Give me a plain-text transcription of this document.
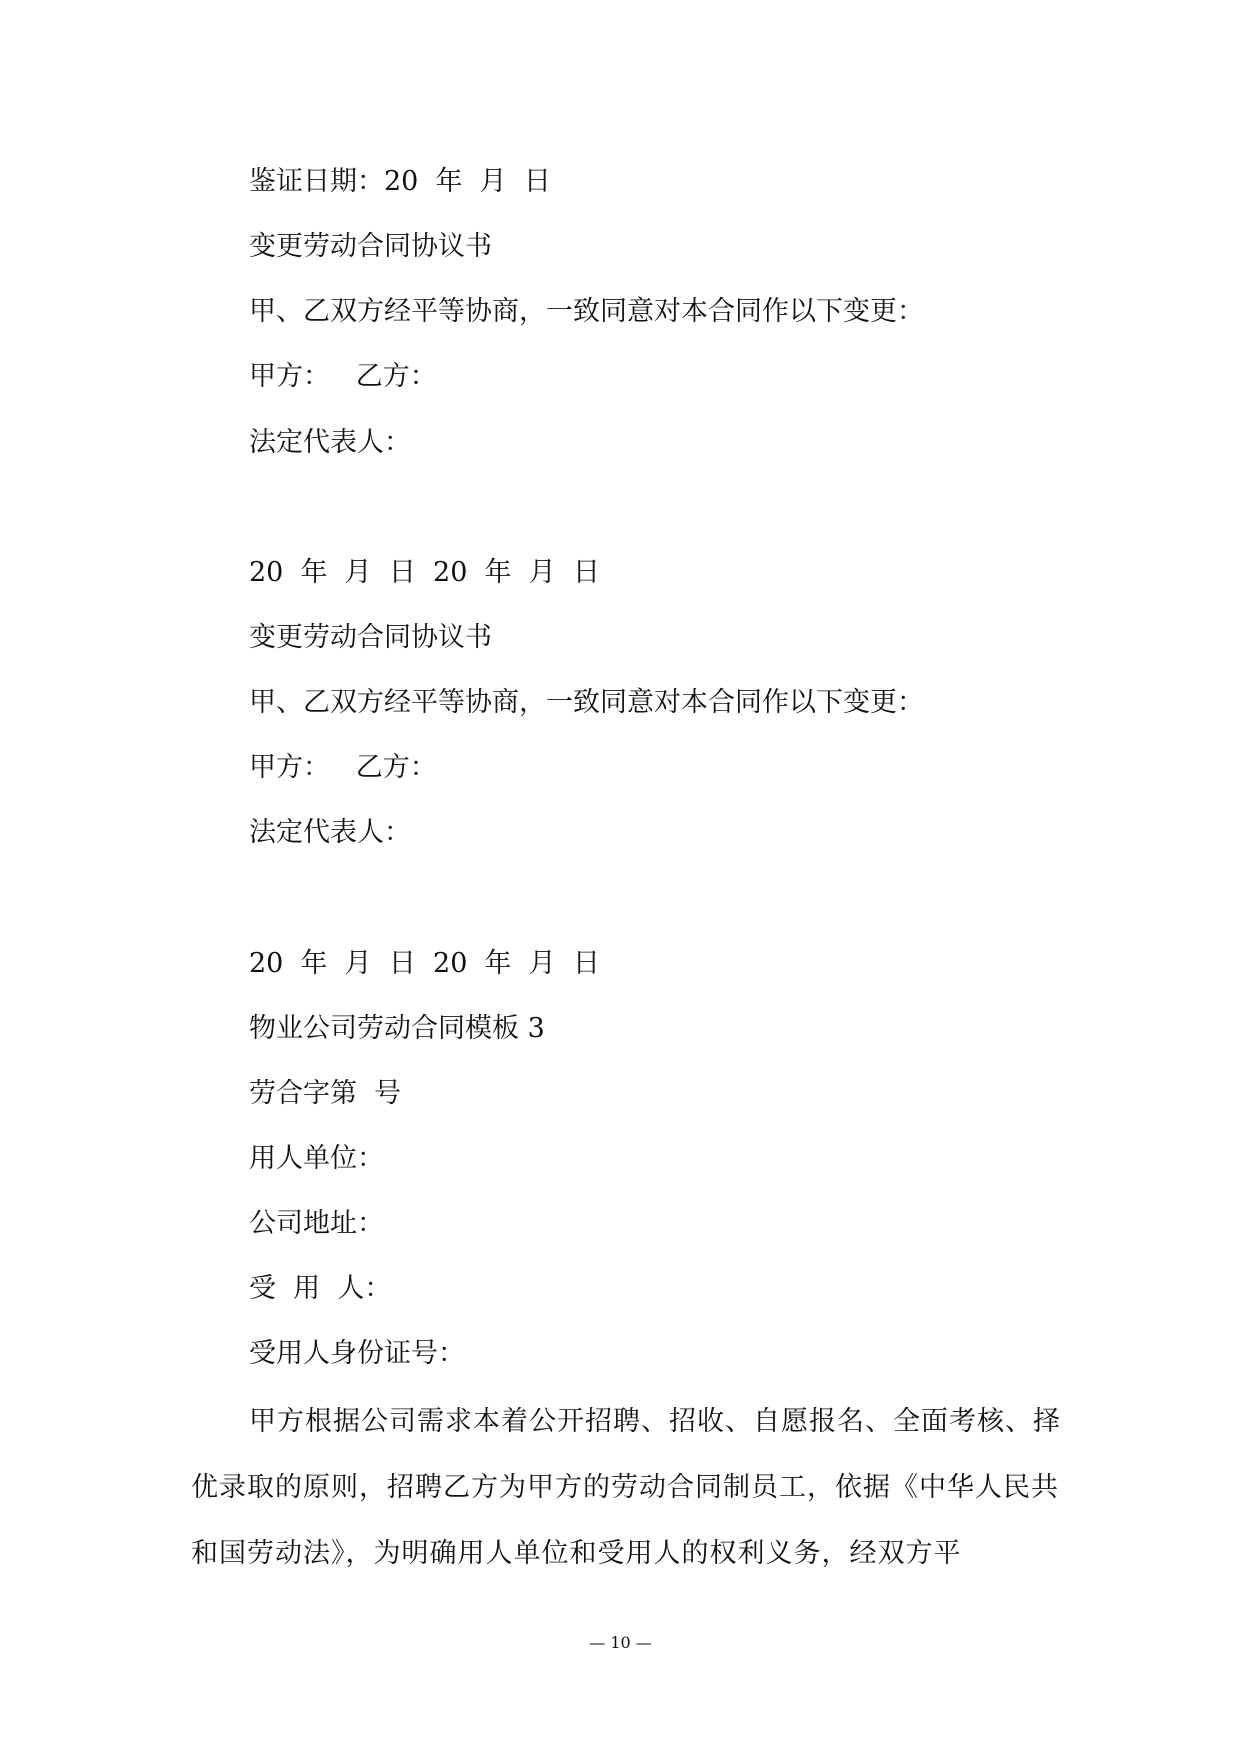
鉴证日期：20  年  月  日
变更劳动合同协议书
甲、乙双方经平等协商，一致同意对本合同作以下变更：
甲方：   乙方：
法定代表人：
20  年  月  日  20  年  月  日
变更劳动合同协议书
甲、乙双方经平等协商，一致同意对本合同作以下变更：
甲方：   乙方：
法定代表人：
20  年  月  日  20  年  月  日
物业公司劳动合同模板 3
劳合字第  号
用人单位：
公司地址：
受  用  人：
受用人身份证号：
甲方根据公司需求本着公开招聘、招收、自愿报名、全面考核、择优录取的原则，招聘乙方为甲方的劳动合同制员工，依据《中华人民共和国劳动法》，为明确用人单位和受用人的权利义务，经双方平
— 10 —
